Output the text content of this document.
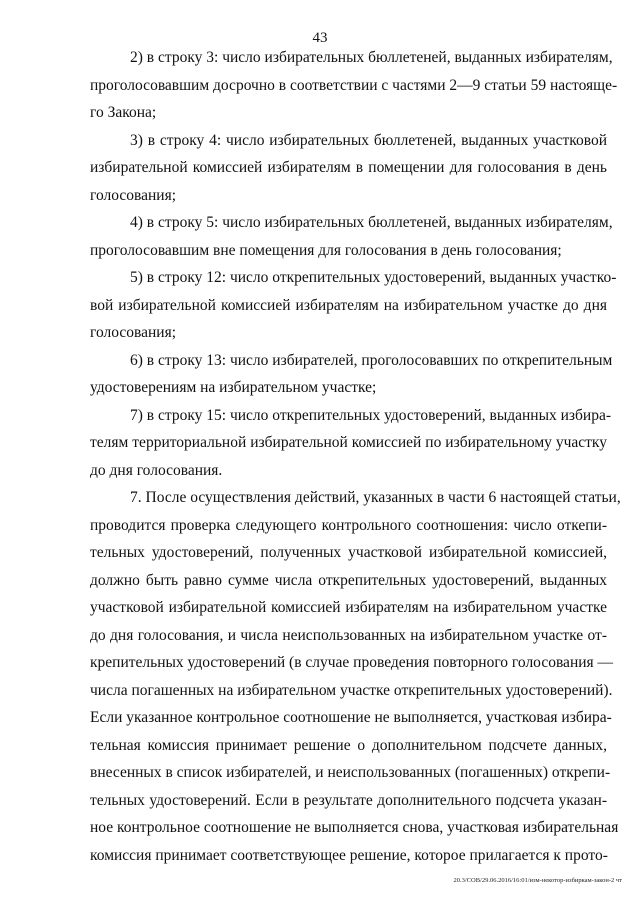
43
2) в строку 3: число избирательных бюллетеней, выданных избирателям,
проголосовавшим досрочно в соответствии с частями 2—9 статьи 59 настояще-
го Закона;
3) в строку 4: число избирательных бюллетеней, выданных участковой
избирательной комиссией избирателям в помещении для голосования в день
голосования;
4) в строку 5: число избирательных бюллетеней, выданных избирателям,
проголосовавшим вне помещения для голосования в день голосования;
5) в строку 12: число открепительных удостоверений, выданных участко-
вой избирательной комиссией избирателям на избирательном участке до дня
голосования;
6) в строку 13: число избирателей, проголосовавших по открепительным
удостоверениям на избирательном участке;
7) в строку 15: число открепительных удостоверений, выданных избира-
телям территориальной избирательной комиссией по избирательному участку
до дня голосования.
7. После осуществления действий, указанных в части 6 настоящей статьи,
проводится проверка следующего контрольного соотношения: число откепи-
тельных удостоверений, полученных участковой избирательной комиссией,
должно быть равно сумме числа открепительных удостоверений, выданных
участковой избирательной комиссией избирателям на избирательном участке
до дня голосования, и числа неиспользованных на избирательном участке от-
крепительных удостоверений (в случае проведения повторного голосования —
числа погашенных на избирательном участке открепительных удостоверений).
Если указанное контрольное соотношение не выполняется, участковая избира-
тельная комиссия принимает решение о дополнительном подсчете данных,
внесенных в список избирателей, и неиспользованных (погашенных) открепи-
тельных удостоверений. Если в результате дополнительного подсчета указан-
ное контрольное соотношение не выполняется снова, участковая избирательная
комиссия принимает соответствующее решение, которое прилагается к прото-
20.3/СОВ/29.06.2016/16:01/изм-некотор-избиркам-закон-2 чт
